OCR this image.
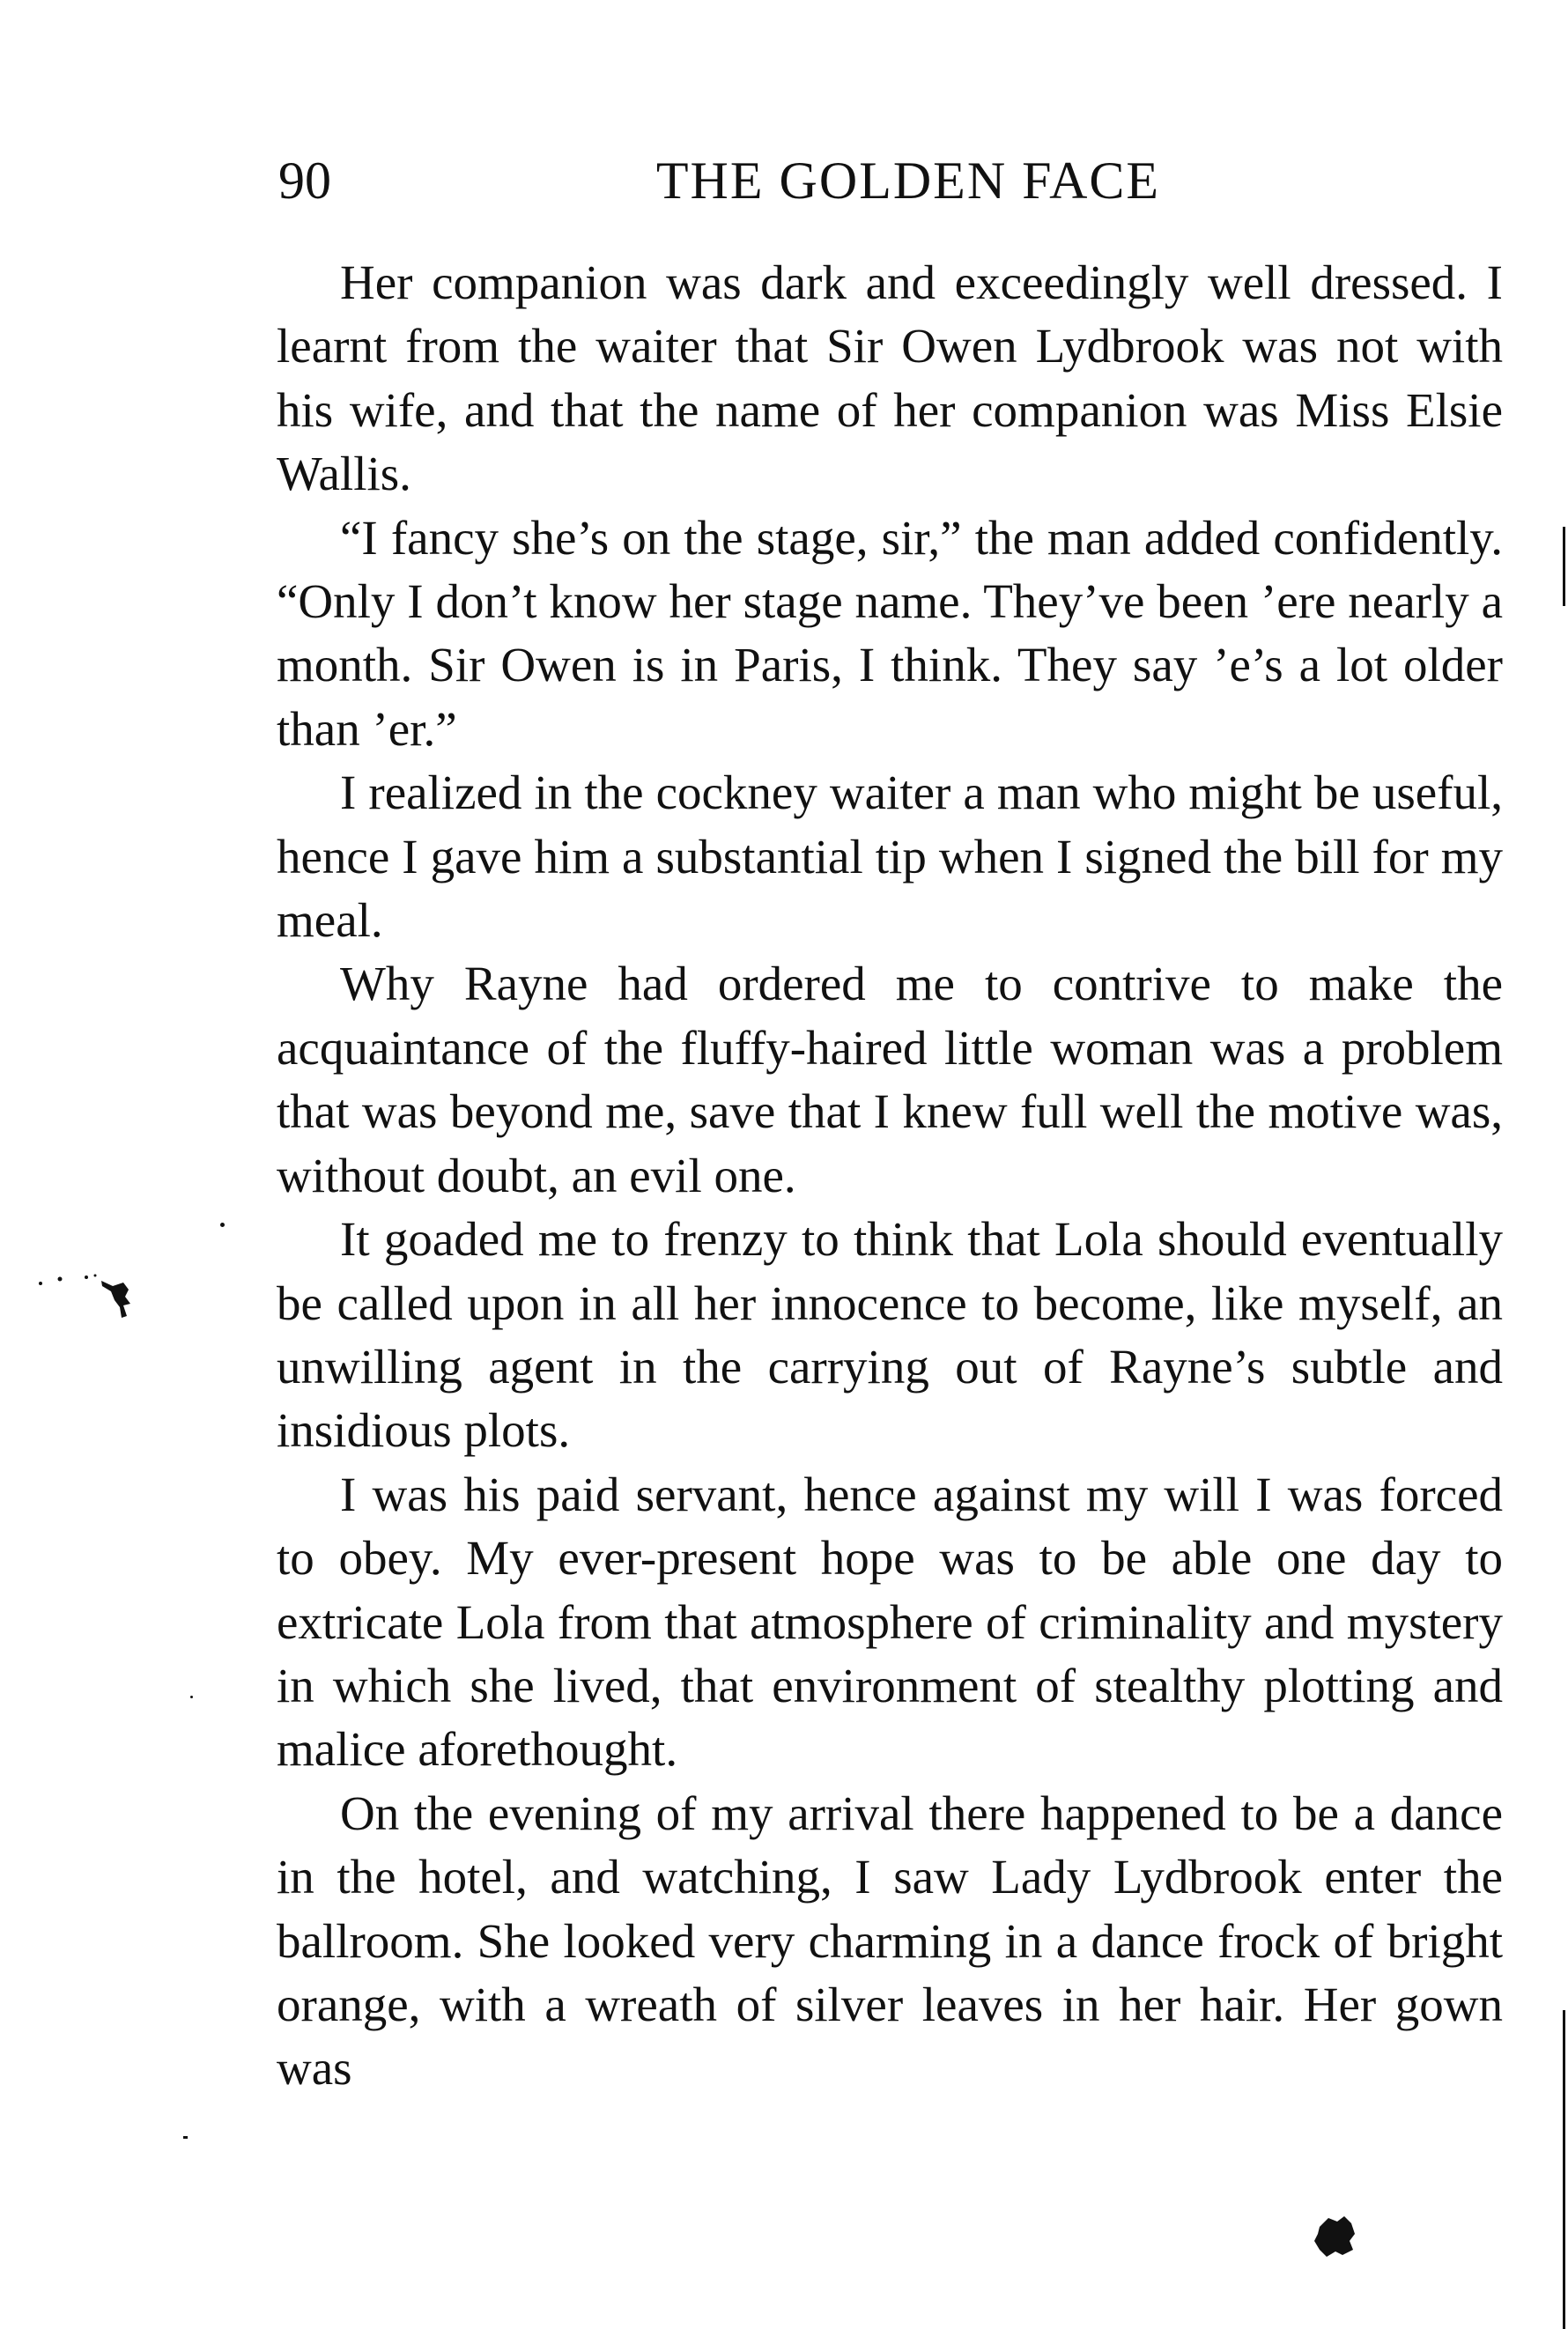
90	THE GOLDEN FACE

Her companion was dark and exceedingly well dressed. I learnt from the waiter that Sir Owen Lydbrook was not with his wife, and that the name of her companion was Miss Elsie Wallis.

“I fancy she’s on the stage, sir,” the man added confidently. “Only I don’t know her stage name. They’ve been ’ere nearly a month. Sir Owen is in Paris, I think. They say ’e’s a lot older than ’er.”

I realized in the cockney waiter a man who might be useful, hence I gave him a substantial tip when I signed the bill for my meal.

Why Rayne had ordered me to contrive to make the acquaintance of the fluffy-haired little woman was a problem that was beyond me, save that I knew full well the motive was, without doubt, an evil one.

It goaded me to frenzy to think that Lola should eventually be called upon in all her innocence to become, like myself, an unwilling agent in the carrying out of Rayne’s subtle and insidious plots.

I was his paid servant, hence against my will I was forced to obey. My ever-present hope was to be able one day to extricate Lola from that atmosphere of criminality and mystery in which she lived, that environment of stealthy plotting and malice aforethought.

On the evening of my arrival there happened to be a dance in the hotel, and watching, I saw Lady Lydbrook enter the ballroom. She looked very charming in a dance frock of bright orange, with a wreath of silver leaves in her hair. Her gown was
